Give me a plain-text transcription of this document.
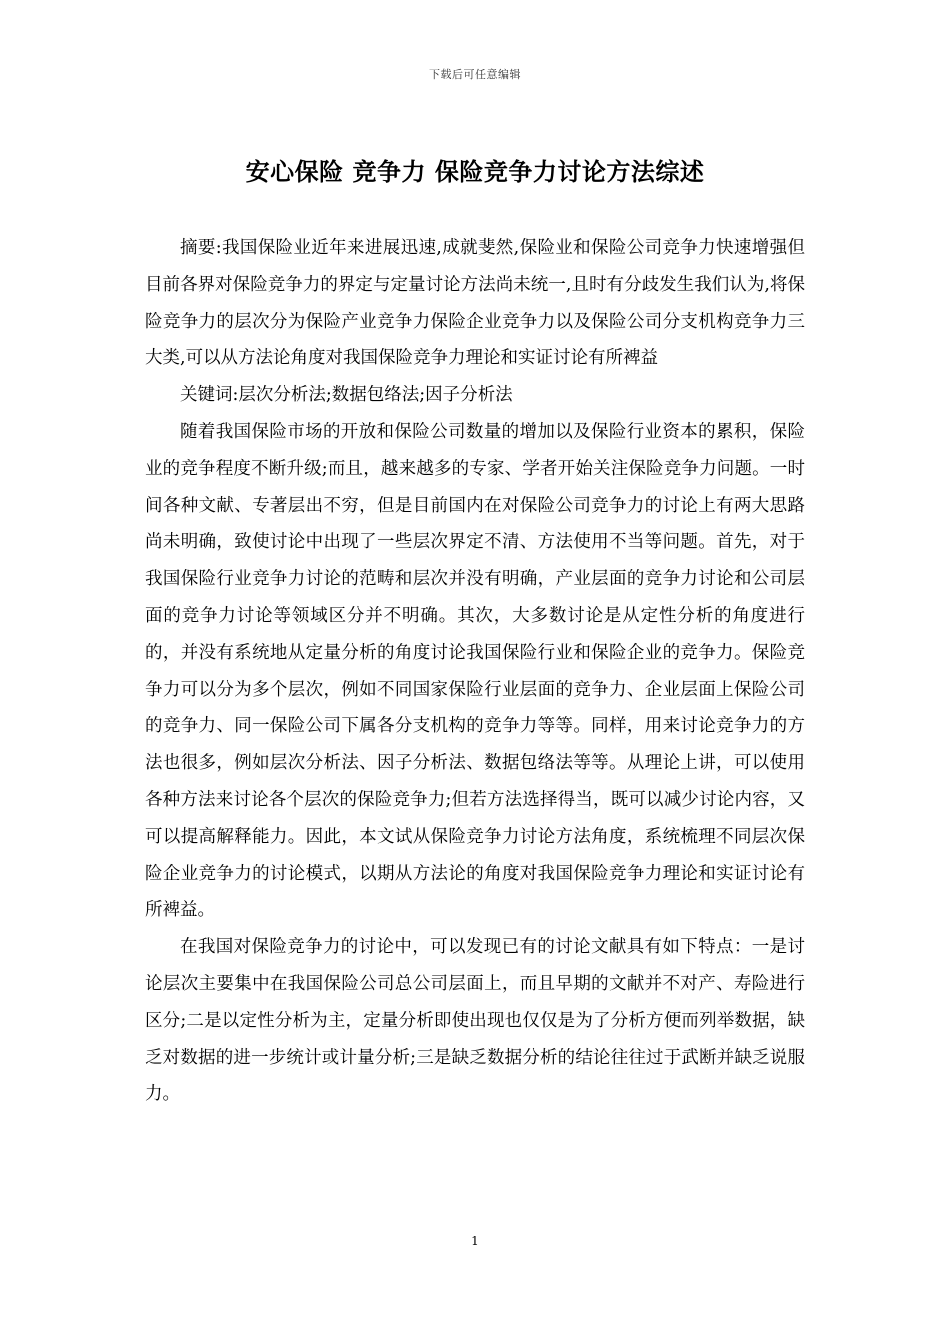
下载后可任意编辑
安心保险 竞争力 保险竞争力讨论方法综述

摘要:我国保险业近年来进展迅速,成就斐然,保险业和保险公司竞争力快速增强但目前各界对保险竞争力的界定与定量讨论方法尚未统一,且时有分歧发生我们认为,将保险竞争力的层次分为保险产业竞争力保险企业竞争力以及保险公司分支机构竞争力三大类,可以从方法论角度对我国保险竞争力理论和实证讨论有所裨益

关键词:层次分析法;数据包络法;因子分析法

随着我国保险市场的开放和保险公司数量的增加以及保险行业资本的累积，保险业的竞争程度不断升级;而且，越来越多的专家、学者开始关注保险竞争力问题。一时间各种文献、专著层出不穷，但是目前国内在对保险公司竞争力的讨论上有两大思路尚未明确，致使讨论中出现了一些层次界定不清、方法使用不当等问题。首先，对于我国保险行业竞争力讨论的范畴和层次并没有明确，产业层面的竞争力讨论和公司层面的竞争力讨论等领域区分并不明确。其次，大多数讨论是从定性分析的角度进行的，并没有系统地从定量分析的角度讨论我国保险行业和保险企业的竞争力。保险竞争力可以分为多个层次，例如不同国家保险行业层面的竞争力、企业层面上保险公司的竞争力、同一保险公司下属各分支机构的竞争力等等。同样，用来讨论竞争力的方法也很多，例如层次分析法、因子分析法、数据包络法等等。从理论上讲，可以使用各种方法来讨论各个层次的保险竞争力;但若方法选择得当，既可以减少讨论内容，又可以提高解释能力。因此，本文试从保险竞争力讨论方法角度，系统梳理不同层次保险企业竞争力的讨论模式，以期从方法论的角度对我国保险竞争力理论和实证讨论有所裨益。

在我国对保险竞争力的讨论中，可以发现已有的讨论文献具有如下特点：一是讨论层次主要集中在我国保险公司总公司层面上，而且早期的文献并不对产、寿险进行区分;二是以定性分析为主，定量分析即使出现也仅仅是为了分析方便而列举数据，缺乏对数据的进一步统计或计量分析;三是缺乏数据分析的结论往往过于武断并缺乏说服力。

1
